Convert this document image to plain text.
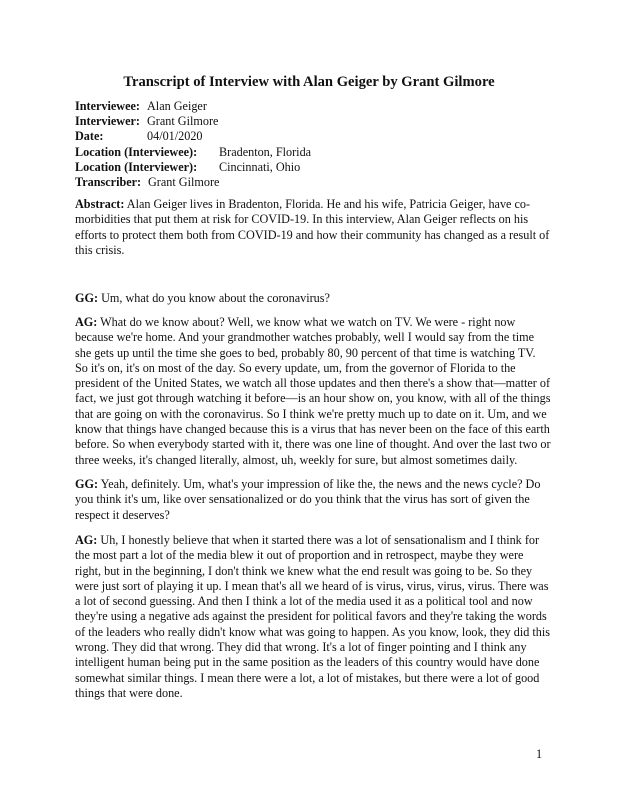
Transcript of Interview with Alan Geiger by Grant Gilmore
Interviewee: Alan Geiger
Interviewer: Grant Gilmore
Date:	04/01/2020
Location (Interviewee): Bradenton, Florida
Location (Interviewer): Cincinnati, Ohio
Transcriber: Grant Gilmore

Abstract: Alan Geiger lives in Bradenton, Florida. He and his wife, Patricia Geiger, have co-morbidities that put them at risk for COVID-19. In this interview, Alan Geiger reflects on his efforts to protect them both from COVID-19 and how their community has changed as a result of this crisis.

GG: Um, what do you know about the coronavirus?

AG: What do we know about? Well, we know what we watch on TV. We were - right now because we're home. And your grandmother watches probably, well I would say from the time she gets up until the time she goes to bed, probably 80, 90 percent of that time is watching TV. So it's on, it's on most of the day. So every update, um, from the governor of Florida to the president of the United States, we watch all those updates and then there's a show that—matter of fact, we just got through watching it before—is an hour show on, you know, with all of the things that are going on with the coronavirus. So I think we're pretty much up to date on it. Um, and we know that things have changed because this is a virus that has never been on the face of this earth before. So when everybody started with it, there was one line of thought. And over the last two or three weeks, it's changed literally, almost, uh, weekly for sure, but almost sometimes daily.

GG: Yeah, definitely. Um, what's your impression of like the, the news and the news cycle? Do you think it's um, like over sensationalized or do you think that the virus has sort of given the respect it deserves?

AG: Uh, I honestly believe that when it started there was a lot of sensationalism and I think for the most part a lot of the media blew it out of proportion and in retrospect, maybe they were right, but in the beginning, I don't think we knew what the end result was going to be. So they were just sort of playing it up. I mean that's all we heard of is virus, virus, virus, virus. There was a lot of second guessing. And then I think a lot of the media used it as a political tool and now they're using a negative ads against the president for political favors and they're taking the words of the leaders who really didn't know what was going to happen. As you know, look, they did this wrong. They did that wrong. They did that wrong. It's a lot of finger pointing and I think any intelligent human being put in the same position as the leaders of this country would have done somewhat similar things. I mean there were a lot, a lot of mistakes, but there were a lot of good things that were done.

1
